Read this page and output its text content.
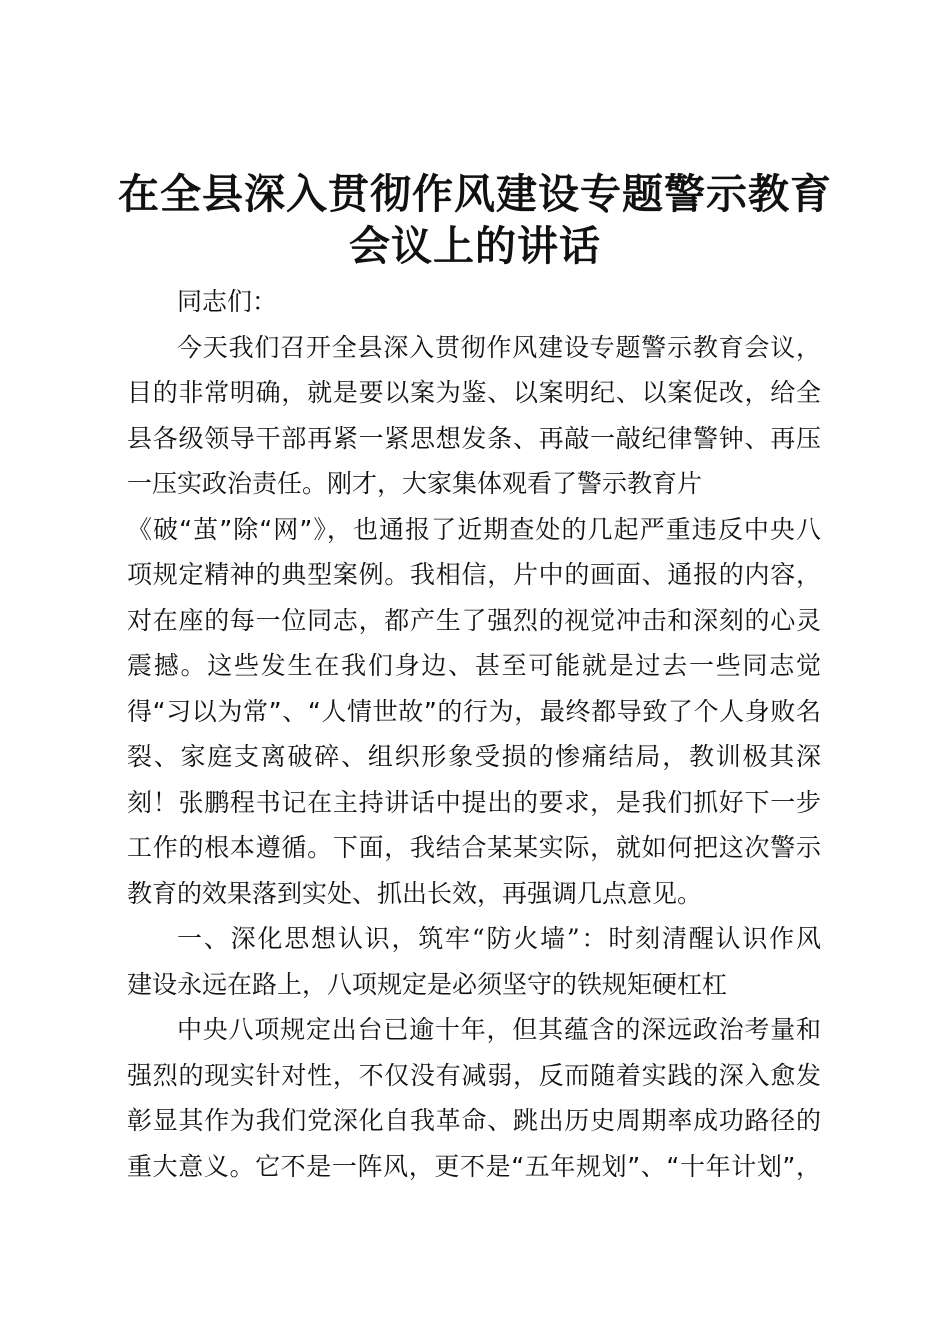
在全县深入贯彻作风建设专题警示教育
会议上的讲话
同志们：
今天我们召开全县深入贯彻作风建设专题警示教育会议，
目的非常明确，就是要以案为鉴、以案明纪、以案促改，给全
县各级领导干部再紧一紧思想发条、再敲一敲纪律警钟、再压
一压实政治责任。刚才，大家集体观看了警示教育片
《破“茧”除“网”》，也通报了近期查处的几起严重违反中央八
项规定精神的典型案例。我相信，片中的画面、通报的内容，
对在座的每一位同志，都产生了强烈的视觉冲击和深刻的心灵
震撼。这些发生在我们身边、甚至可能就是过去一些同志觉
得“习以为常”、“人情世故”的行为，最终都导致了个人身败名
裂、家庭支离破碎、组织形象受损的惨痛结局，教训极其深
刻！张鹏程书记在主持讲话中提出的要求，是我们抓好下一步
工作的根本遵循。下面，我结合某某实际，就如何把这次警示
教育的效果落到实处、抓出长效，再强调几点意见。
一、深化思想认识，筑牢“防火墙”：时刻清醒认识作风
建设永远在路上，八项规定是必须坚守的铁规矩硬杠杠
中央八项规定出台已逾十年，但其蕴含的深远政治考量和
强烈的现实针对性，不仅没有减弱，反而随着实践的深入愈发
彰显其作为我们党深化自我革命、跳出历史周期率成功路径的
重大意义。它不是一阵风，更不是“五年规划”、“十年计划”，
